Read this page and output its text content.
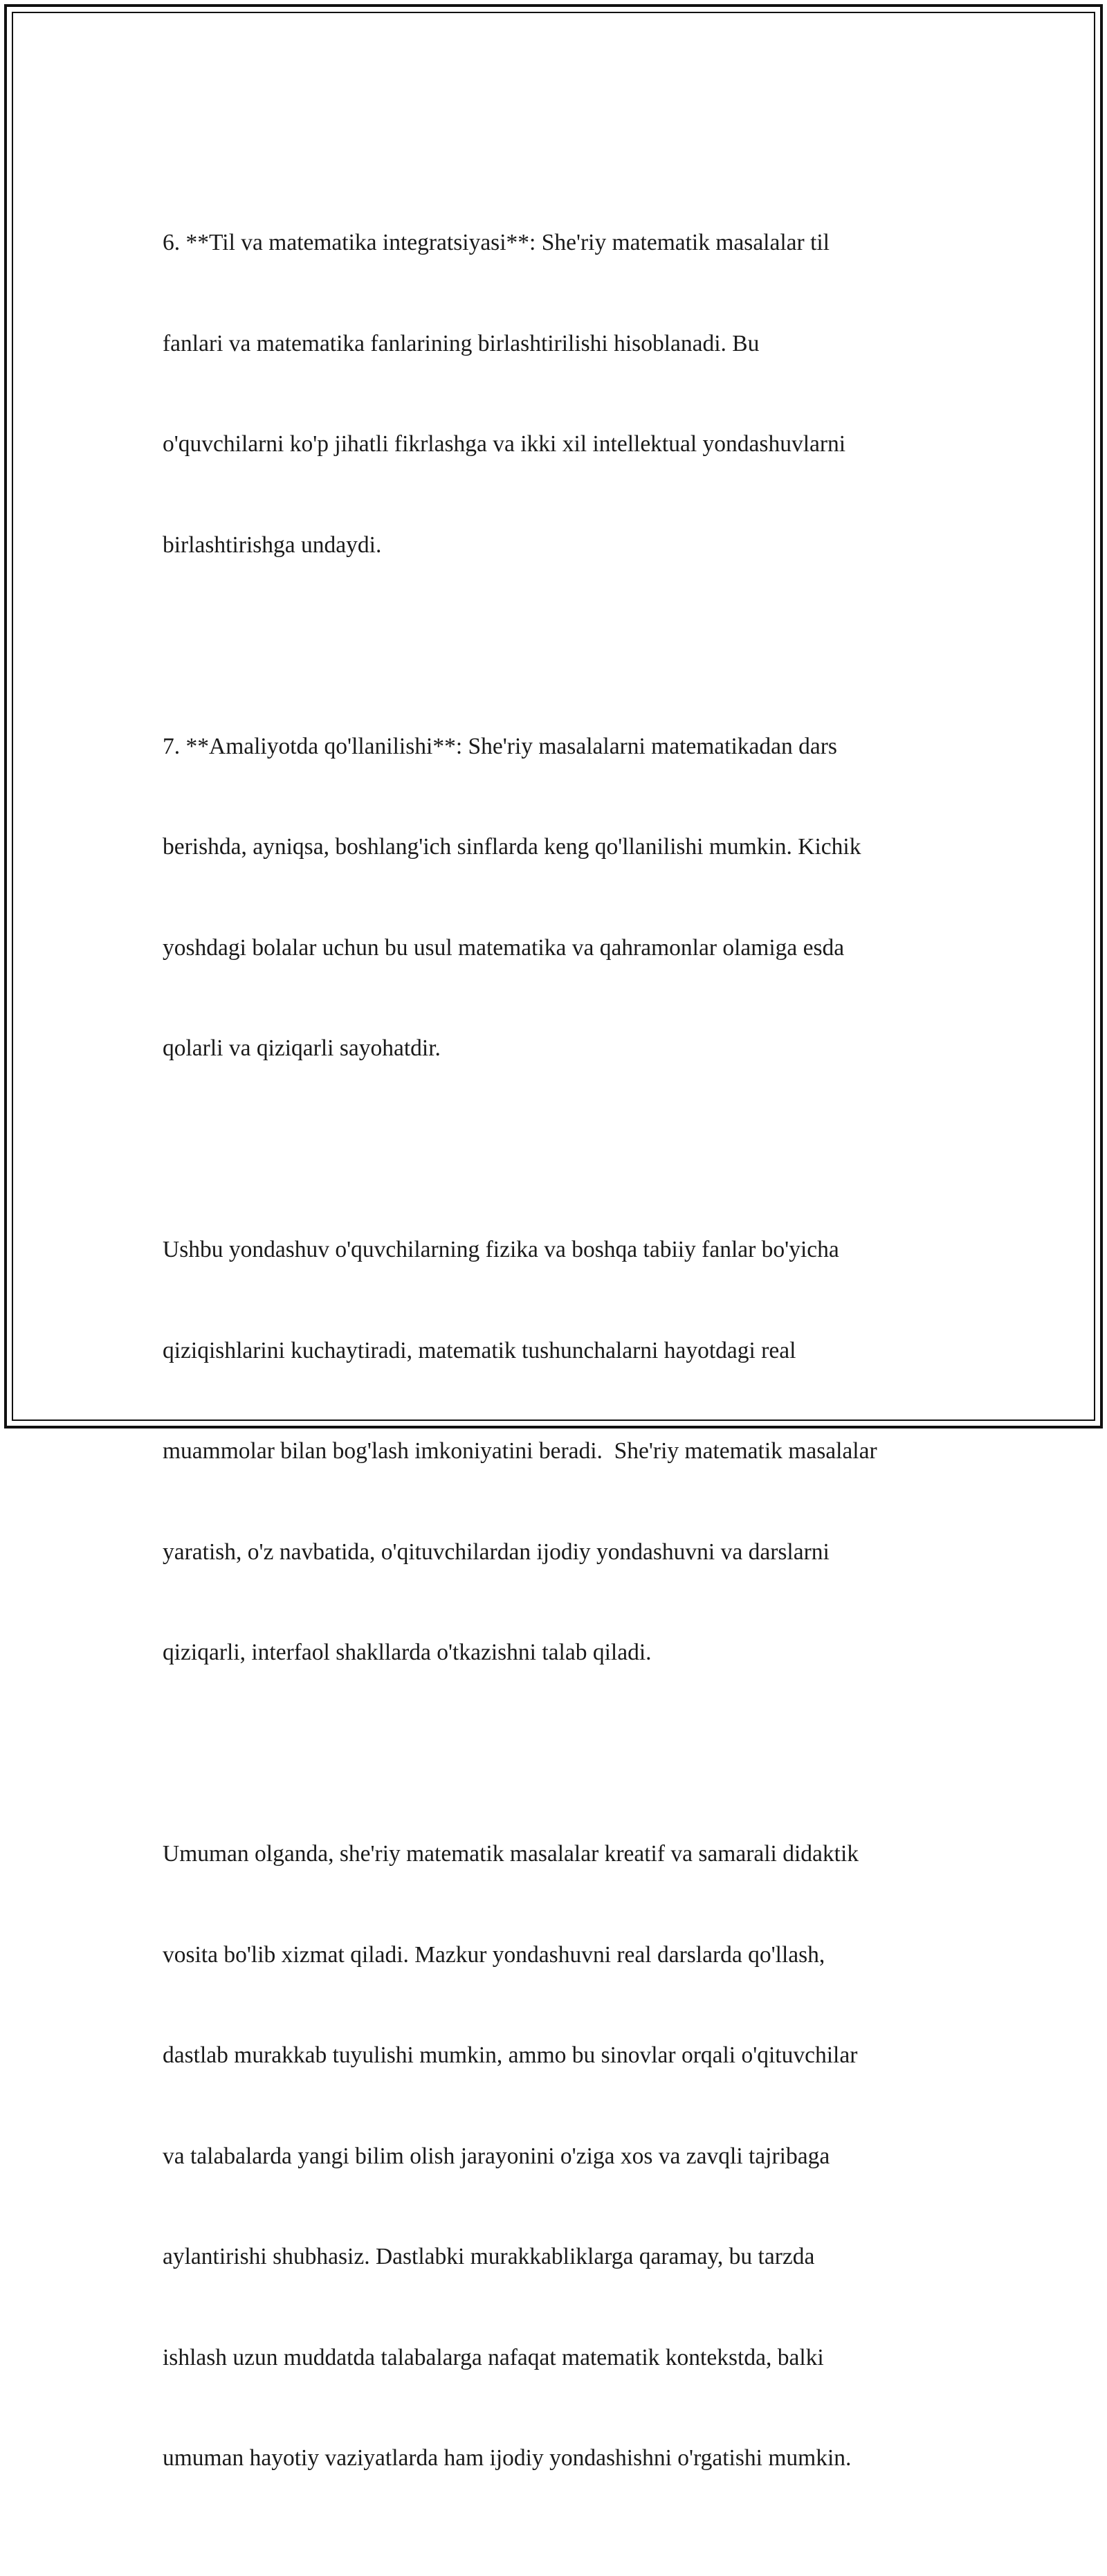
6. **Til va matematika integratsiyasi**: She'riy matematik masalalar til

fanlari va matematika fanlarining birlashtirilishi hisoblanadi. Bu

o'quvchilarni ko'p jihatli fikrlashga va ikki xil intellektual yondashuvlarni

birlashtirishga undaydi.

7. **Amaliyotda qo'llanilishi**: She'riy masalalarni matematikadan dars

berishda, ayniqsa, boshlang'ich sinflarda keng qo'llanilishi mumkin. Kichik

yoshdagi bolalar uchun bu usul matematika va qahramonlar olamiga esda

qolarli va qiziqarli sayohatdir.

Ushbu yondashuv o'quvchilarning fizika va boshqa tabiiy fanlar bo'yicha

qiziqishlarini kuchaytiradi, matematik tushunchalarni hayotdagi real

muammolar bilan bog'lash imkoniyatini beradi.  She'riy matematik masalalar

yaratish, o'z navbatida, o'qituvchilardan ijodiy yondashuvni va darslarni

qiziqarli, interfaol shakllarda o'tkazishni talab qiladi.

Umuman olganda, she'riy matematik masalalar kreatif va samarali didaktik

vosita bo'lib xizmat qiladi. Mazkur yondashuvni real darslarda qo'llash,

dastlab murakkab tuyulishi mumkin, ammo bu sinovlar orqali o'qituvchilar

va talabalarda yangi bilim olish jarayonini o'ziga xos va zavqli tajribaga

aylantirishi shubhasiz. Dastlabki murakkabliklarga qaramay, bu tarzda

ishlash uzun muddatda talabalarga nafaqat matematik kontekstda, balki

umuman hayotiy vaziyatlarda ham ijodiy yondashishni o'rgatishi mumkin.
